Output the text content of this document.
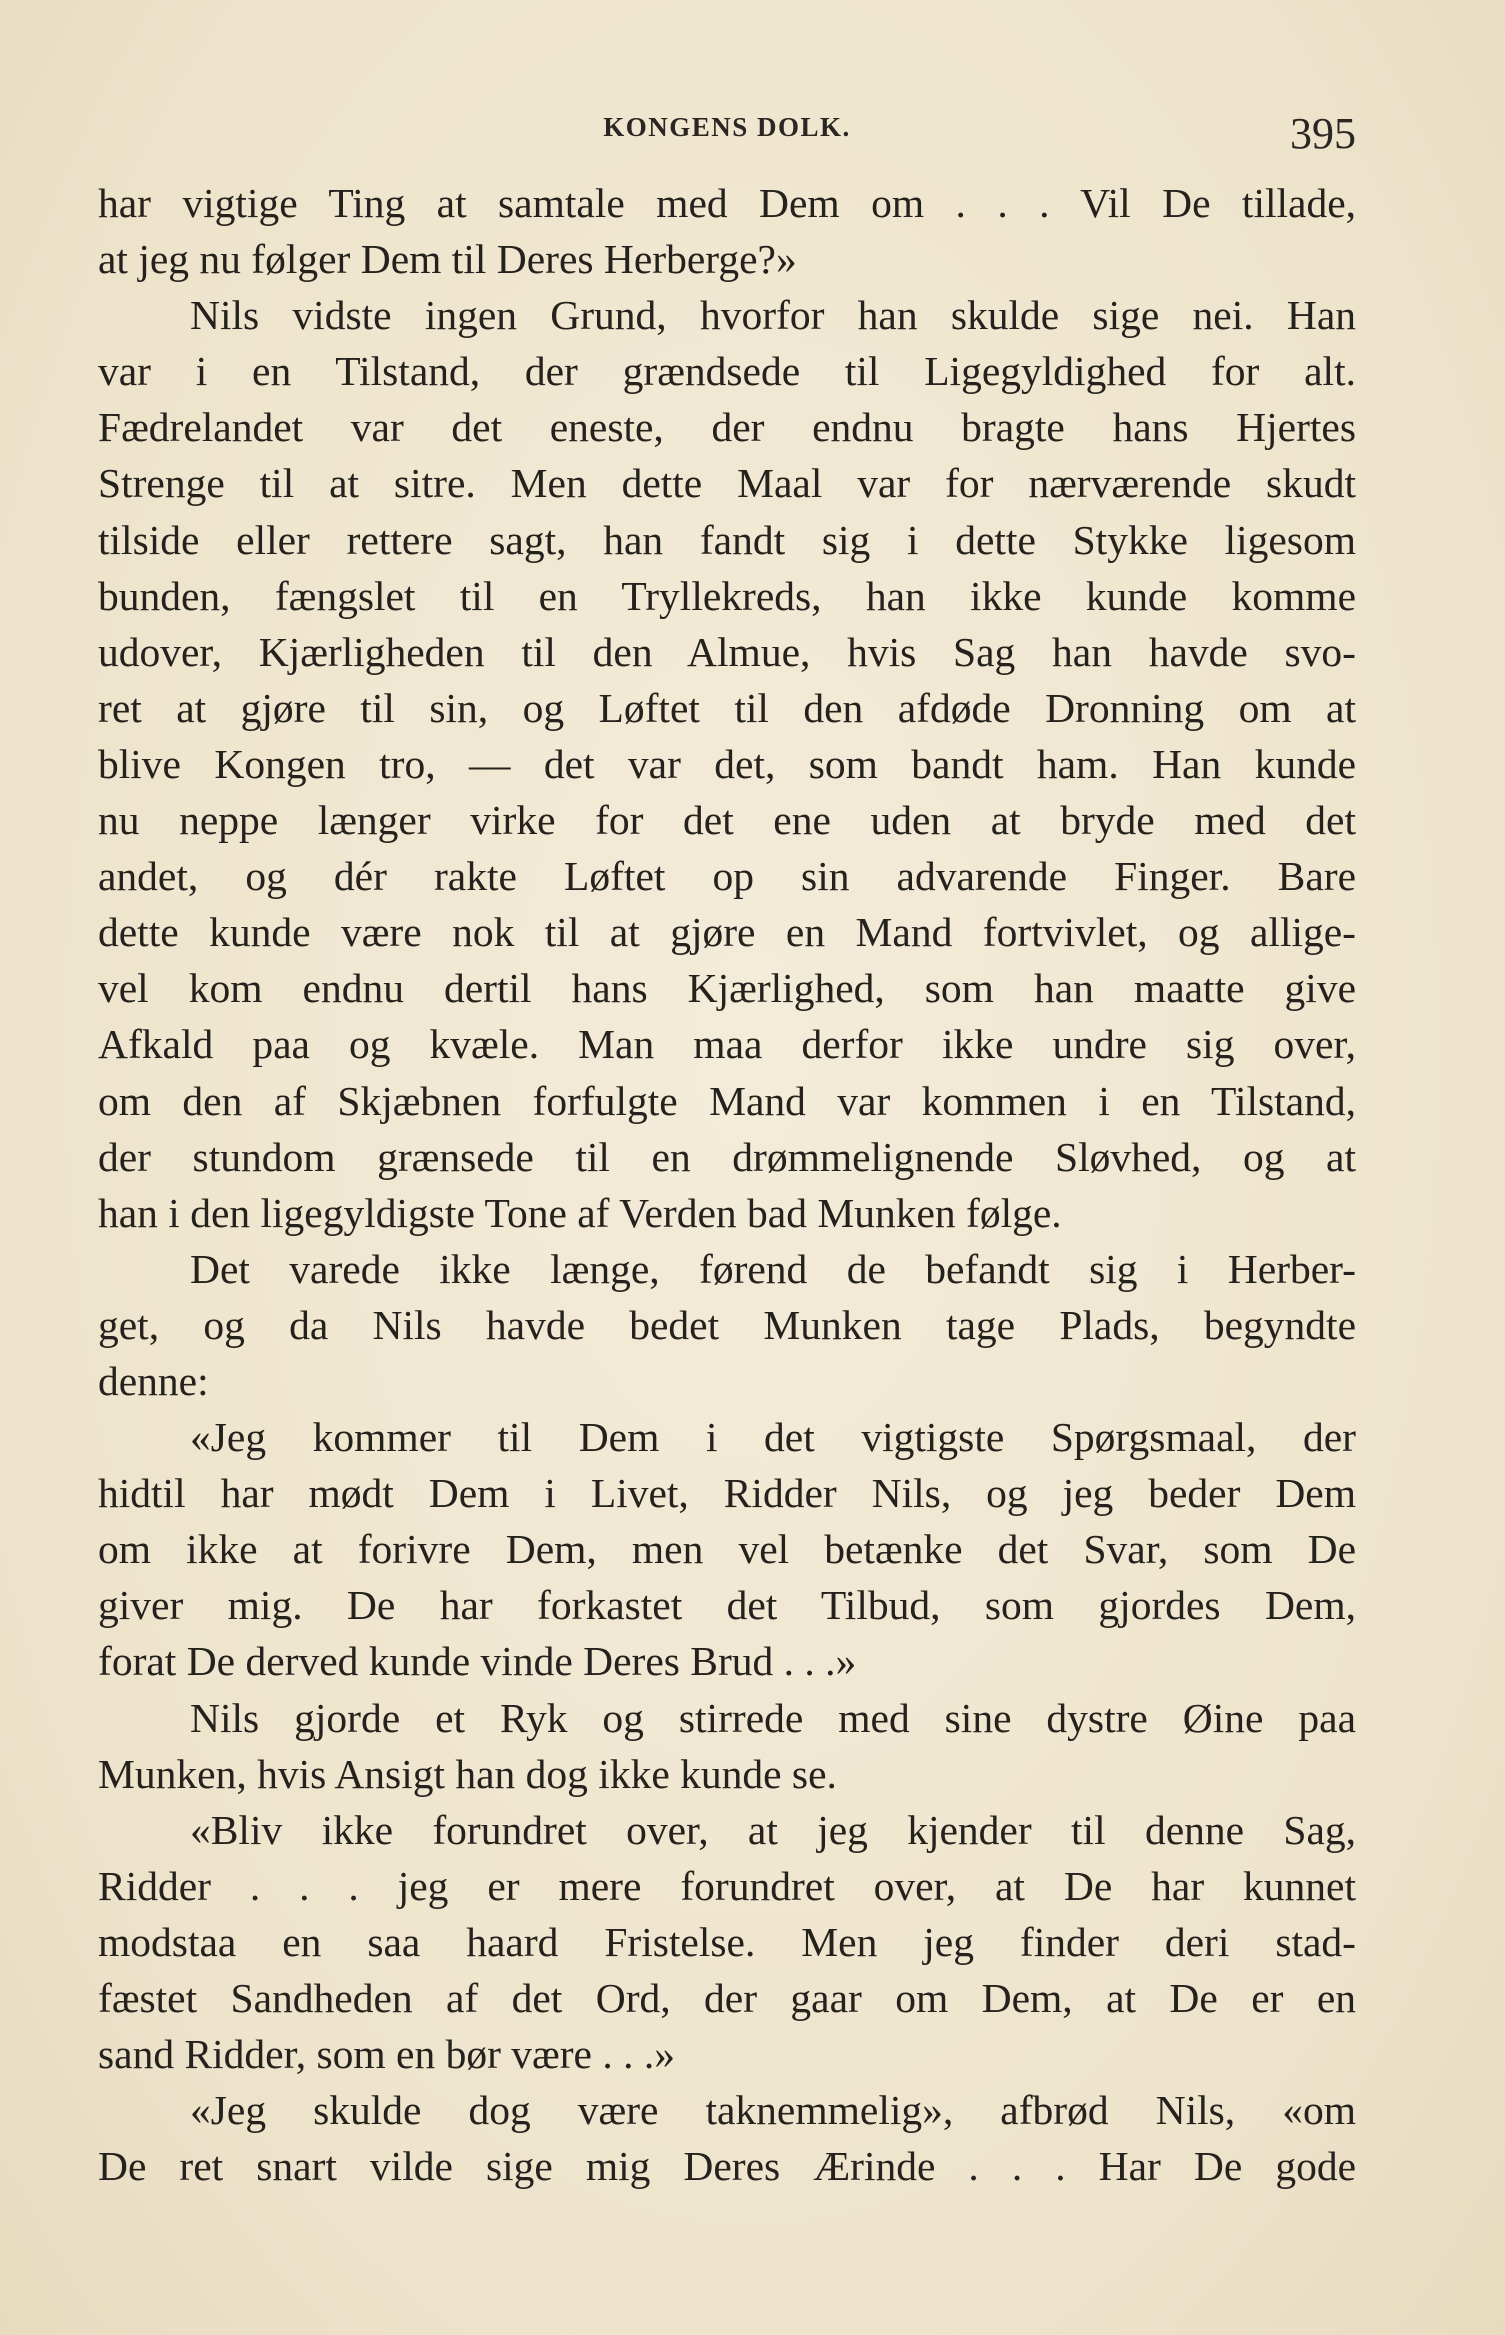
KONGENS DOLK.	395
har vigtige Ting at samtale med Dem om . . . Vil De tillade,
at jeg nu følger Dem til Deres Herberge?»
Nils vidste ingen Grund, hvorfor han skulde sige nei. Han
var i en Tilstand, der grændsede til Ligegyldighed for alt.
Fædrelandet var det eneste, der endnu bragte hans Hjertes
Strenge til at sitre. Men dette Maal var for nærværende skudt
tilside eller rettere sagt, han fandt sig i dette Stykke ligesom
bunden, fængslet til en Tryllekreds, han ikke kunde komme
udover, Kjærligheden til den Almue, hvis Sag han havde svo-
ret at gjøre til sin, og Løftet til den afdøde Dronning om at
blive Kongen tro, — det var det, som bandt ham. Han kunde
nu neppe længer virke for det ene uden at bryde med det
andet, og dér rakte Løftet op sin advarende Finger. Bare
dette kunde være nok til at gjøre en Mand fortvivlet, og allige-
vel kom endnu dertil hans Kjærlighed, som han maatte give
Afkald paa og kvæle. Man maa derfor ikke undre sig over,
om den af Skjæbnen forfulgte Mand var kommen i en Tilstand,
der stundom grænsede til en drømmelignende Sløvhed, og at
han i den ligegyldigste Tone af Verden bad Munken følge.
Det varede ikke længe, førend de befandt sig i Herber-
get, og da Nils havde bedet Munken tage Plads, begyndte
denne:
«Jeg kommer til Dem i det vigtigste Spørgsmaal, der
hidtil har mødt Dem i Livet, Ridder Nils, og jeg beder Dem
om ikke at forivre Dem, men vel betænke det Svar, som De
giver mig. De har forkastet det Tilbud, som gjordes Dem,
forat De derved kunde vinde Deres Brud . . .»
Nils gjorde et Ryk og stirrede med sine dystre Øine paa
Munken, hvis Ansigt han dog ikke kunde se.
«Bliv ikke forundret over, at jeg kjender til denne Sag,
Ridder . . . jeg er mere forundret over, at De har kunnet
modstaa en saa haard Fristelse. Men jeg finder deri stad-
fæstet Sandheden af det Ord, der gaar om Dem, at De er en
sand Ridder, som en bør være . . .»
«Jeg skulde dog være taknemmelig», afbrød Nils, «om
De ret snart vilde sige mig Deres Ærinde . . . Har De gode
